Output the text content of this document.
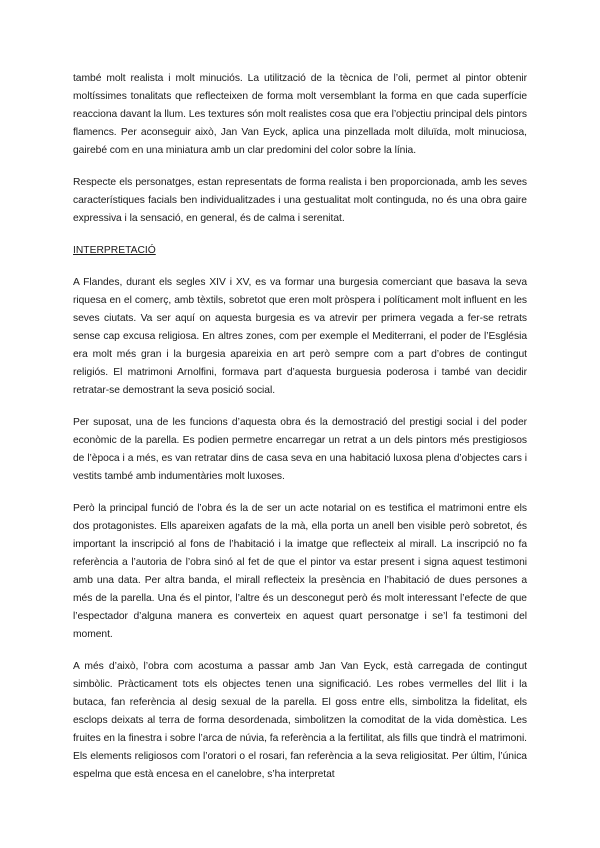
també molt realista i molt minuciós. La utilització de la tècnica de l’oli, permet al pintor obtenir moltíssimes tonalitats que reflecteixen de forma molt versemblant la forma en que cada superfície reacciona davant la llum. Les textures són molt realistes cosa que era l’objectiu principal dels pintors flamencs. Per aconseguir això, Jan Van Eyck, aplica una pinzellada molt diluïda, molt minuciosa, gairebé com en una miniatura amb un clar predomini del color sobre la línia.

Respecte els personatges, estan representats de forma realista i ben proporcionada, amb les seves característiques facials ben individualitzades i una gestualitat molt continguda, no és una obra gaire expressiva i la sensació, en general, és de calma i serenitat.

INTERPRETACIÓ

A Flandes, durant els segles XIV i XV, es va formar una burgesia comerciant que basava la seva riquesa en el comerç, amb tèxtils, sobretot que eren molt pròspera i políticament molt influent en les seves ciutats. Va ser aquí on aquesta burgesia es va atrevir per primera vegada a fer-se retrats sense cap excusa religiosa. En altres zones, com per exemple el Mediterrani, el poder de l’Església era molt més gran i la burgesia apareixia en art però sempre com a part d’obres de contingut religiós. El matrimoni Arnolfini, formava part d’aquesta burguesia poderosa i també van decidir retratar-se demostrant la seva posició social.

Per suposat, una de les funcions d’aquesta obra és la demostració del prestigi social i del poder econòmic de la parella. Es podien permetre encarregar un retrat a un dels pintors més prestigiosos de l’època i a més, es van retratar dins de casa seva en una habitació luxosa plena d’objectes cars i vestits també amb indumentàries molt luxoses.

Però la principal funció de l’obra és la de ser un acte notarial on es testifica el matrimoni entre els dos protagonistes. Ells apareixen agafats de la mà, ella porta un anell ben visible però sobretot, és important la inscripció al fons de l’habitació i la imatge que reflecteix al mirall. La inscripció no fa referència a l’autoria de l’obra sinó al fet de que el pintor va estar present i signa aquest testimoni amb una data. Per altra banda, el mirall reflecteix la presència en l’habitació de dues persones a més de la parella. Una és el pintor, l’altre és un desconegut però és molt interessant l’efecte de que l’espectador d’alguna manera es converteix en aquest quart personatge i se’l fa testimoni del moment.

A més d’això, l’obra com acostuma a passar amb Jan Van Eyck, està carregada de contingut simbòlic. Pràcticament tots els objectes tenen una significació. Les robes vermelles del llit i la butaca, fan referència al desig sexual de la parella. El goss entre ells, simbolitza la fidelitat, els esclops deixats al terra de forma desordenada, simbolitzen la comoditat de la vida domèstica. Les fruites en la finestra i sobre l’arca de núvia, fa referència a la fertilitat, als fills que tindrà el matrimoni. Els elements religiosos com l’oratori o el rosari, fan referència a la seva religiositat. Per últim, l’única espelma que està encesa en el canelobre, s’ha interpretat
